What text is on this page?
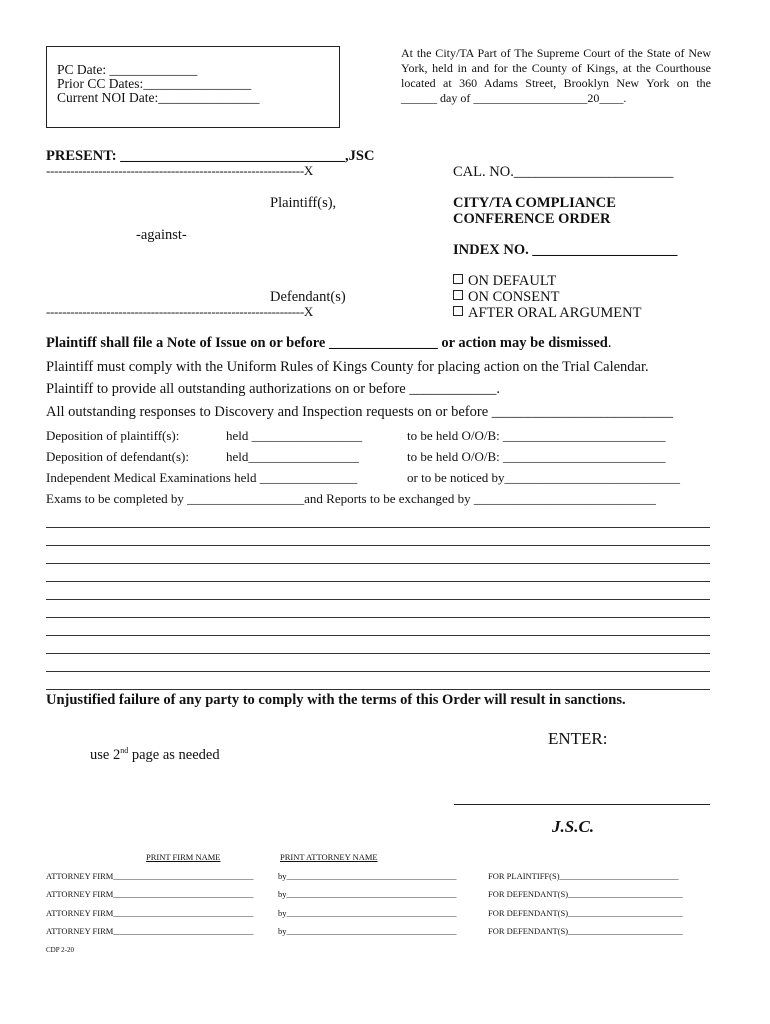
PC Date: _____________
Prior CC Dates:________________
Current NOI Date:_______________
At the City/TA Part of The Supreme Court of the State of New
York, held in and for the County of Kings, at the Courthouse
located at 360 Adams Street, Brooklyn New York on the
______ day of ___________________20____.
PRESENT: _______________________________,JSC
----------------------------------------------------------------X	CAL. NO.______________________
Plaintiff(s),	CITY/TA COMPLIANCE
CONFERENCE ORDER
-against-
INDEX NO. ____________________
ON DEFAULT
ON CONSENT
AFTER ORAL ARGUMENT
Defendant(s)
----------------------------------------------------------------X
Plaintiff shall file a Note of Issue on or before _______________ or action may be dismissed.
Plaintiff must comply with the Uniform Rules of Kings County for placing action on the Trial Calendar.
Plaintiff to provide all outstanding authorizations on or before ____________.
All outstanding responses to Discovery and Inspection requests on or before _________________________
Deposition of plaintiff(s):	held _________________	to be held O/O/B: _________________________
Deposition of defendant(s):	held_________________	to be held O/O/B: _________________________
Independent Medical Examinations held _______________	or to be noticed by___________________________
Exams to be completed by __________________and Reports to be exchanged by ____________________________
Unjustified failure of any party to comply with the terms of this Order will result in sanctions.
ENTER:
use 2nd page as needed
J.S.C.
PRINT FIRM NAME	PRINT ATTORNEY NAME
ATTORNEY FIRM_________________________________	by________________________________________	FOR PLAINTIFF(S)____________________________
ATTORNEY FIRM_________________________________	by________________________________________	FOR DEFENDANT(S)___________________________
ATTORNEY FIRM_________________________________	by________________________________________	FOR DEFENDANT(S)___________________________
ATTORNEY FIRM_________________________________	by________________________________________	FOR DEFENDANT(S)___________________________
CDP 2-20
